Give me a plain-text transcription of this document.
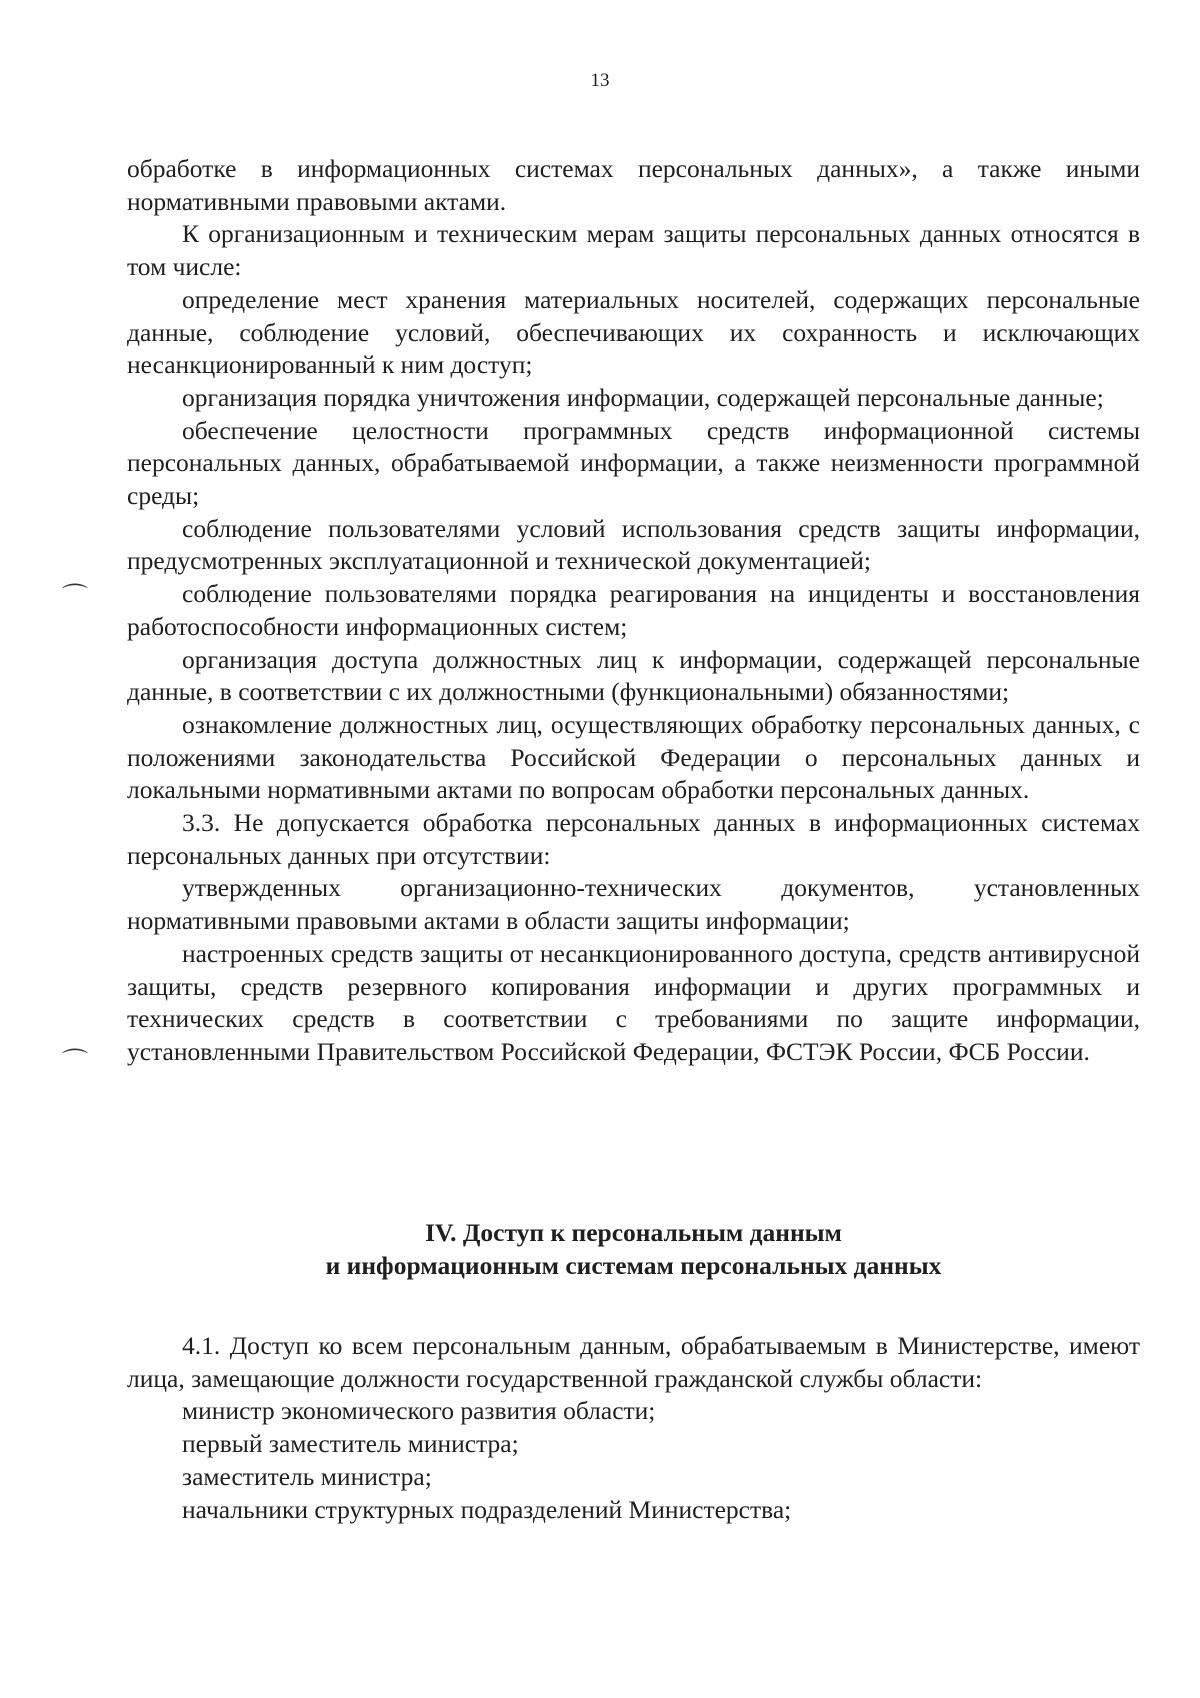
13

обработке в информационных системах персональных данных», а также иными нормативными правовыми актами.

К организационным и техническим мерам защиты персональных данных относятся в том числе:

определение мест хранения материальных носителей, содержащих персональные данные, соблюдение условий, обеспечивающих их сохранность и исключающих несанкционированный к ним доступ;

организация порядка уничтожения информации, содержащей персональные данные;

обеспечение целостности программных средств информационной системы персональных данных, обрабатываемой информации, а также неизменности программной среды;

соблюдение пользователями условий использования средств защиты информации, предусмотренных эксплуатационной и технической документацией;

соблюдение пользователями порядка реагирования на инциденты и восстановления работоспособности информационных систем;

организация доступа должностных лиц к информации, содержащей персональные данные, в соответствии с их должностными (функциональными) обязанностями;

ознакомление должностных лиц, осуществляющих обработку персональных данных, с положениями законодательства Российской Федерации о персональных данных и локальными нормативными актами по вопросам обработки персональных данных.

3.3. Не допускается обработка персональных данных в информационных системах персональных данных при отсутствии:

утвержденных организационно-технических документов, установленных нормативными правовыми актами в области защиты информации;

настроенных средств защиты от несанкционированного доступа, средств антивирусной защиты, средств резервного копирования информации и других программных и технических средств в соответствии с требованиями по защите информации, установленными Правительством Российской Федерации, ФСТЭК России, ФСБ России.

IV. Доступ к персональным данным
и информационным системам персональных данных

4.1. Доступ ко всем персональным данным, обрабатываемым в Министерстве, имеют лица, замещающие должности государственной гражданской службы области:

министр экономического развития области;

первый заместитель министра;

заместитель министра;

начальники структурных подразделений Министерства;

⌒
⌒
